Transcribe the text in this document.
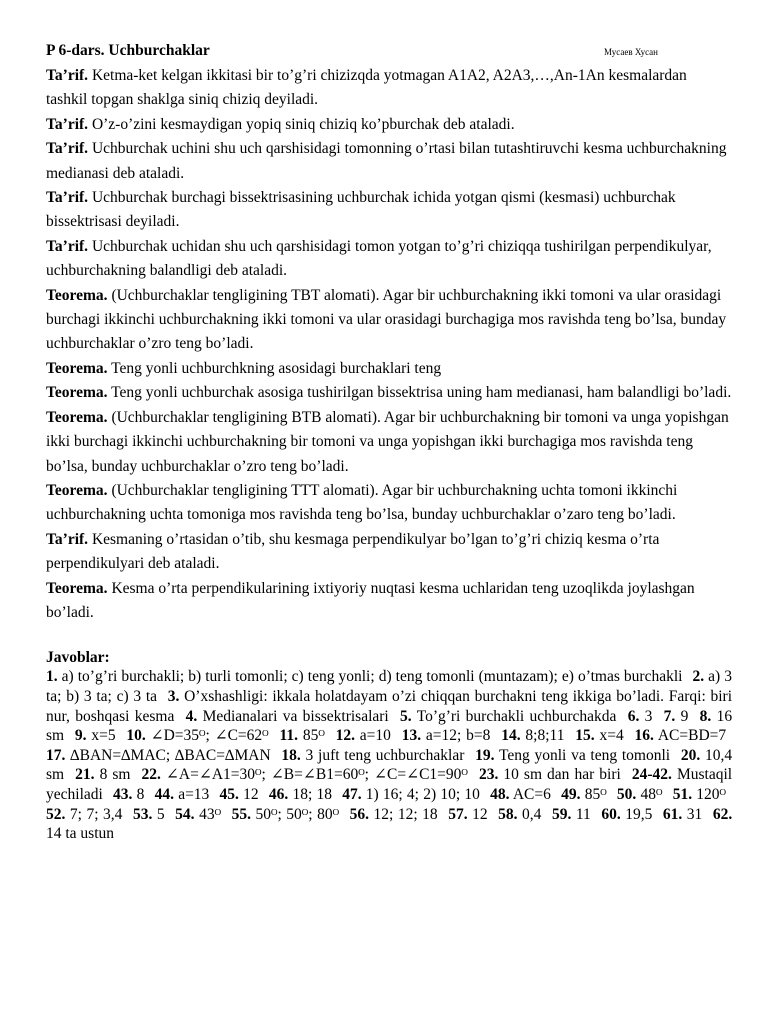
P 6-dars. Uchburchaklar	Мусаев Хусан

Ta’rif. Ketma-ket kelgan ikkitasi bir to’g’ri chizizqda yotmagan A1A2, A2A3,…,An-1An kesmalardan tashkil topgan shaklga siniq chiziq deyiladi.

Ta’rif. O’z-o’zini kesmaydigan yopiq siniq chiziq ko’pburchak deb ataladi.

Ta’rif. Uchburchak uchini shu uch qarshisidagi tomonning o’rtasi bilan tutashtiruvchi kesma uchburchakning medianasi deb ataladi.

Ta’rif. Uchburchak burchagi bissektrisasining uchburchak ichida yotgan qismi (kesmasi) uchburchak bissektrisasi deyiladi.

Ta’rif. Uchburchak uchidan shu uch qarshisidagi tomon yotgan to’g’ri chiziqqa tushirilgan perpendikulyar, uchburchakning balandligi deb ataladi.

Teorema. (Uchburchaklar tengligining TBT alomati). Agar bir uchburchakning ikki tomoni va ular orasidagi burchagi ikkinchi uchburchakning ikki tomoni va ular orasidagi burchagiga mos ravishda teng bo’lsa, bunday uchburchaklar o’zro teng bo’ladi.

Teorema. Teng yonli uchburchkning asosidagi burchaklari teng

Teorema. Teng yonli uchburchak asosiga tushirilgan bissektrisa uning ham medianasi, ham balandligi bo’ladi.

Teorema. (Uchburchaklar tengligining BTB alomati). Agar bir uchburchakning bir tomoni va unga yopishgan ikki burchagi ikkinchi uchburchakning bir tomoni va unga yopishgan ikki burchagiga mos ravishda teng bo’lsa, bunday uchburchaklar o’zro teng bo’ladi.

Teorema. (Uchburchaklar tengligining TTT alomati). Agar bir uchburchakning uchta tomoni ikkinchi uchburchakning uchta tomoniga mos ravishda teng bo’lsa, bunday uchburchaklar o’zaro teng bo’ladi.

Ta’rif. Kesmaning o’rtasidan o’tib, shu kesmaga perpendikulyar bo’lgan to’g’ri chiziq kesma o’rta perpendikulyari deb ataladi.

Teorema. Kesma o’rta perpendikularining ixtiyoriy nuqtasi kesma uchlaridan teng uzoqlikda joylashgan bo’ladi.

Javoblar:
1. a) to’g’ri burchakli; b) turli tomonli; c) teng yonli; d) teng tomonli (muntazam); e) o’tmas burchakli 2. a) 3 ta; b) 3 ta; c) 3 ta 3. O’xshashligi: ikkala holatdayam o’zi chiqqan burchakni teng ikkiga bo’ladi. Farqi: biri nur, boshqasi kesma 4. Medianalari va bissektrisalari 5. To’g’ri burchakli uchburchakda 6. 3 7. 9 8. 16 sm 9. x=5 10. ∠D=35ᴼ; ∠C=62ᴼ 11. 85ᴼ 12. a=10 13. a=12; b=8 14. 8;8;11 15. x=4 16. AC=BD=7 17. ∆BAN=∆MAC; ∆BAC=∆MAN 18. 3 juft teng uchburchaklar 19. Teng yonli va teng tomonli 20. 10,4 sm 21. 8 sm 22. ∠A=∠A1=30ᴼ; ∠B=∠B1=60ᴼ; ∠C=∠C1=90ᴼ 23. 10 sm dan har biri 24-42. Mustaqil yechiladi 43. 8 44. a=13 45. 12 46. 18; 18 47. 1) 16; 4; 2) 10; 10 48. AC=6 49. 85ᴼ 50. 48ᴼ 51. 120ᴼ 52. 7; 7; 3,4 53. 5 54. 43ᴼ 55. 50ᴼ; 50ᴼ; 80ᴼ 56. 12; 12; 18 57. 12 58. 0,4 59. 11 60. 19,5 61. 31 62. 14 ta ustun
